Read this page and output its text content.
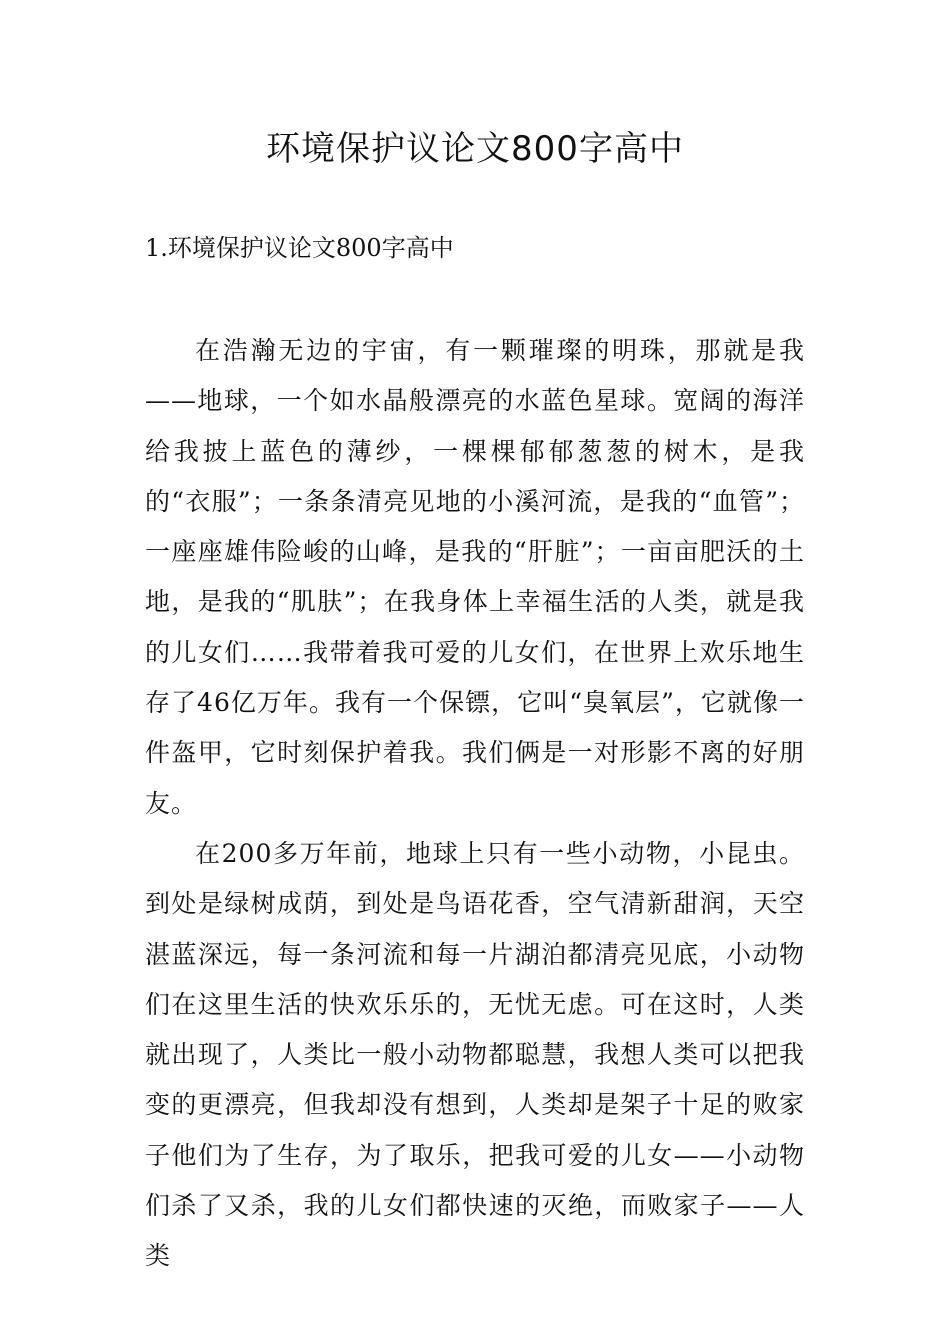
环境保护议论文800字高中
1.环境保护议论文800字高中

在浩瀚无边的宇宙，有一颗璀璨的明珠，那就是我——地球，一个如水晶般漂亮的水蓝色星球。宽阔的海洋给我披上蓝色的薄纱，一棵棵郁郁葱葱的树木，是我的“衣服”；一条条清亮见地的小溪河流，是我的“血管”；一座座雄伟险峻的山峰，是我的“肝脏”；一亩亩肥沃的土地，是我的“肌肤”；在我身体上幸福生活的人类，就是我的儿女们……我带着我可爱的儿女们，在世界上欢乐地生存了46亿万年。我有一个保镖，它叫“臭氧层”，它就像一件盔甲，它时刻保护着我。我们俩是一对形影不离的好朋友。

在200多万年前，地球上只有一些小动物，小昆虫。到处是绿树成荫，到处是鸟语花香，空气清新甜润，天空湛蓝深远，每一条河流和每一片湖泊都清亮见底，小动物们在这里生活的快欢乐乐的，无忧无虑。可在这时，人类就出现了，人类比一般小动物都聪慧，我想人类可以把我变的更漂亮，但我却没有想到，人类却是架子十足的败家子他们为了生存，为了取乐，把我可爱的儿女——小动物们杀了又杀，我的儿女们都快速的灭绝，而败家子——人类
